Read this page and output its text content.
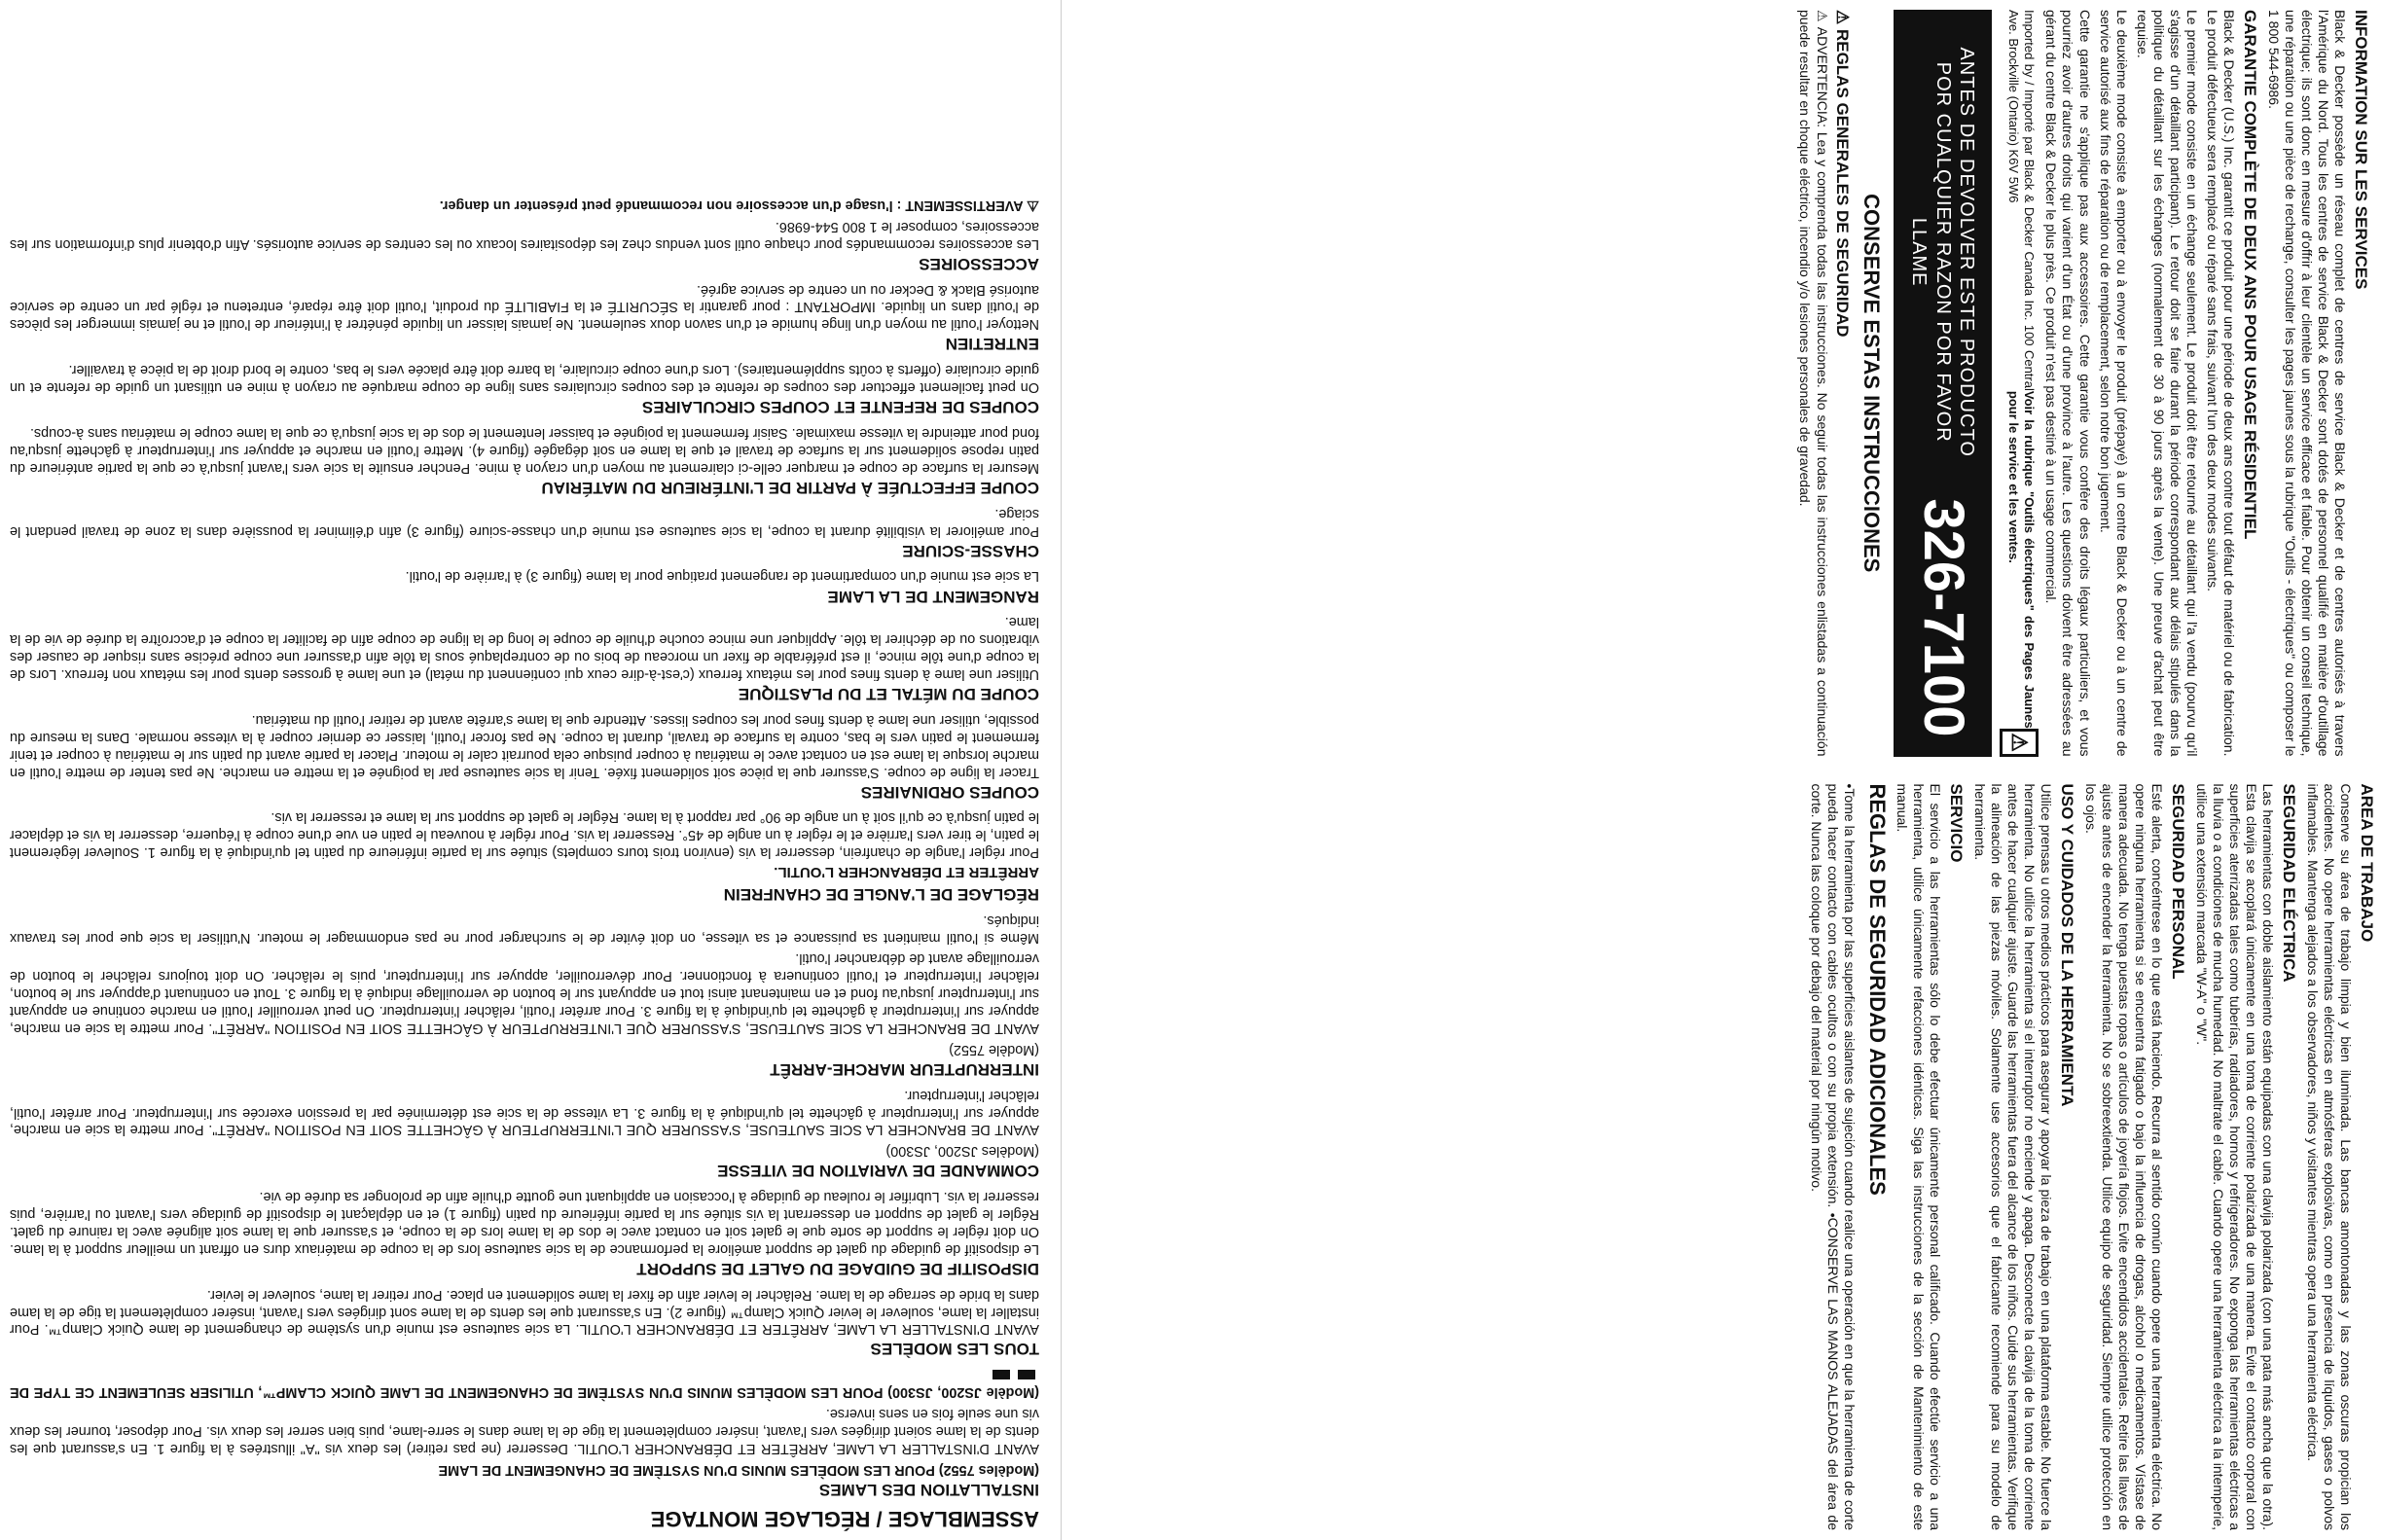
ASSEMBLAGE / RÉGLAGE MONTAGE
INSTALLATION DES LAMES

(Modèles 7552) POUR LES MODÈLES MUNIS D'UN SYSTÈME DE CHANGEMENT DE LAME

AVANT D'INSTALLER LA LAME, ARRÊTER ET DÉBRANCHER L'OUTIL. Desserrer (ne pas retirer) les deux vis "A" illustrées à la figure 1. En s'assurant que les dents de la lame soient dirigées vers l'avant, insérer complètement la tige de la lame dans le serre-lame, puis bien serrer les deux vis. Pour déposer, tourner les deux vis une seule fois en sens inverse.

(Modèle JS200, JS300) POUR LES MODÈLES MUNIS D'UN SYSTÈME DE CHANGEMENT DE LAME QUICK CLAMP™, UTILISER SEULEMENT CE TYPE DE

TOUS LES MODÈLES

AVANT D'INSTALLER LA LAME, ARRÊTER ET DÉBRANCHER L'OUTIL. La scie sauteuse est munie d'un système de changement de lame Quick Clamp™. Pour installer la lame, soulever le levier Quick Clamp™ (figure 2). En s'assurant que les dents de la lame sont dirigées vers l'avant, insérer complètement la tige de la lame dans la bride de serrage de la lame. Relâcher le levier afin de fixer la lame solidement en place. Pour retirer la lame, soulever le levier.

DISPOSITIF DE GUIDAGE DU GALET DE SUPPORT

Le dispositif de guidage du galet de support améliore la performance de la scie sauteuse lors de la coupe de matériaux durs en offrant un meilleur support à la lame. On doit régler le support de sorte que le galet soit en contact avec le dos de la lame lors de la coupe, et s'assurer que la lame soit alignée avec la rainure du galet. Régler le galet de support en desserrant la vis située sur la partie inférieure du patin (figure 1) et en déplaçant le dispositif de guidage vers l'avant ou l'arrière, puis resserrer la vis. Lubrifier le rouleau de guidage à l'occasion en appliquant une goutte d'huile afin de prolonger sa durée de vie.

COMMANDE DE VARIATION DE VITESSE

(Modèles JS200, JS300)

AVANT DE BRANCHER LA SCIE SAUTEUSE, S'ASSURER QUE L'INTERRUPTEUR À GÂCHETTE SOIT EN POSITION "ARRÊT". Pour mettre la scie en marche, appuyer sur l'interrupteur à gâchette tel qu'indiqué à la figure 3. La vitesse de la scie est déterminée par la pression exercée sur l'interrupteur. Pour arrêter l'outil, relâcher l'interrupteur.

INTERRUPTEUR MARCHE-ARRÊT

(Modèle 7552)

AVANT DE BRANCHER LA SCIE SAUTEUSE, S'ASSURER QUE L'INTERRUPTEUR À GÂCHETTE SOIT EN POSITION "ARRÊT". Pour mettre la scie en marche, appuyer sur l'interrupteur à gâchette tel qu'indiqué à la figure 3. Pour arrêter l'outil, relâcher l'interrupteur. On peut verrouiller l'outil en marche continue en appuyant sur l'interrupteur jusqu'au fond et en maintenant ainsi tout en appuyant sur le bouton de verrouillage indiqué à la figure 3. Tout en continuant d'appuyer sur le bouton, relâcher l'interrupteur et l'outil continuera à fonctionner. Pour déverrouiller, appuyer sur l'interrupteur, puis le relâcher. On doit toujours relâcher le bouton de verrouillage avant de débrancher l'outil.

Même si l'outil maintient sa puissance et sa vitesse, on doit éviter de le surcharger pour ne pas endommager le moteur. N'utiliser la scie que pour les travaux indiqués.

RÉGLAGE DE L'ANGLE DE CHANFREIN
ARRÊTER ET DÉBRANCHER L'OUTIL.

Pour régler l'angle de chanfrein, desserrer la vis (environ trois tours complets) située sur la partie inférieure du patin tel qu'indiqué à la figure 1. Soulever légèrement le patin, le tirer vers l'arrière et le régler à un angle de 45°. Resserrer la vis. Pour régler à nouveau le patin en vue d'une coupe à l'équerre, desserrer la vis et déplacer le patin jusqu'à ce qu'il soit à un angle de 90° par rapport à la lame. Régler le galet de support sur la lame et resserrer la vis.

COUPES ORDINAIRES

Tracer la ligne de coupe. S'assurer que la pièce soit solidement fixée. Tenir la scie sauteuse par la poignée et la mettre en marche. Ne pas tenter de mettre l'outil en marche lorsque la lame est en contact avec le matériau à couper puisque cela pourrait caler le moteur. Placer la partie avant du patin sur le matériau à couper et tenir fermement le patin vers le bas, contre la surface de travail, durant la coupe. Ne pas forcer l'outil, laisser ce dernier couper à la vitesse normale. Dans la mesure du possible, utiliser une lame à dents fines pour les coupes lisses. Attendre que la lame s'arrête avant de retirer l'outil du matériau.

COUPE DU MÉTAL ET DU PLASTIQUE

Utiliser une lame à dents fines pour les métaux ferreux (c'est-à-dire ceux qui contiennent du métal) et une lame à grosses dents pour les métaux non ferreux. Lors de la coupe d'une tôle mince, il est préférable de fixer un morceau de bois ou de contreplaqué sous la tôle afin d'assurer une coupe précise sans risquer de causer des vibrations ou de déchirer la tôle. Appliquer une mince couche d'huile de coupe le long de la ligne de coupe afin de faciliter la coupe et d'accroître la durée de vie de la lame.

RANGEMENT DE LA LAME

La scie est munie d'un compartiment de rangement pratique pour la lame (figure 3) à l'arrière de l'outil.

CHASSE-SCIURE

Pour améliorer la visibilité durant la coupe, la scie sauteuse est munie d'un chasse-sciure (figure 3) afin d'éliminer la poussière dans la zone de travail pendant le sciage.

COUPE EFFECTUÉE À PARTIR DE L'INTÉRIEUR DU MATÉRIAU

Mesurer la surface de coupe et marquer celle-ci clairement au moyen d'un crayon à mine. Pencher ensuite la scie vers l'avant jusqu'à ce que la partie antérieure du patin repose solidement sur la surface de travail et que la lame en soit dégagée (figure 4). Mettre l'outil en marche et appuyer sur l'interrupteur à gâchette jusqu'au fond pour atteindre la vitesse maximale. Saisir fermement la poignée et baisser lentement le dos de la scie jusqu'à ce que la lame coupe le matériau sans à-coups.

COUPES DE REFENTE ET COUPES CIRCULAIRES

On peut facilement effectuer des coupes de refente et des coupes circulaires sans ligne de coupe marquée au crayon à mine en utilisant un guide de refente et un guide circulaire (offerts à coûts supplémentaires). Lors d'une coupe circulaire, la barre doit être placée vers le bas, contre le bord droit de la pièce à travailler.

ENTRETIEN

Nettoyer l'outil au moyen d'un linge humide et d'un savon doux seulement. Ne jamais laisser un liquide pénétrer à l'intérieur de l'outil et ne jamais immerger les pièces de l'outil dans un liquide. IMPORTANT : pour garantir la SÉCURITÉ et la FIABILITÉ du produit, l'outil doit être réparé, entretenu et réglé par un centre de service autorisé Black & Decker ou un centre de service agréé.

ACCESSOIRES

Les accessoires recommandés pour chaque outil sont vendus chez les dépositaires locaux ou les centres de service autorisés. Afin d'obtenir plus d'information sur les accessoires, composer le 1 800 544-6986.

⚠ AVERTISSEMENT : l'usage d'un accessoire non recommandé peut présenter un danger.	INFORMATION SUR LES SERVICES

Black & Decker possède un réseau complet de centres de service Black & Decker et de centres autorisés à travers l'Amérique du Nord. Tous les centres de service Black & Decker sont dotés de personnel qualifié en matière d'outillage électrique; ils sont donc en mesure d'offrir à leur clientèle un service efficace et fiable. Pour obtenir un conseil technique, une réparation ou une pièce de rechange, consulter les pages jaunes sous la rubrique "Outils - électriques" ou composer le 1 800 544-6986.

GARANTIE COMPLÈTE DE DEUX ANS POUR USAGE RÉSIDENTIEL

Black & Decker (U.S.) Inc. garantit ce produit pour une période de deux ans contre tout défaut de matériel ou de fabrication. Le produit défectueux sera remplacé ou réparé sans frais, suivant l'un des deux modes suivants.

Le premier mode consiste en un échange seulement. Le produit doit être retourné au détaillant qui l'a vendu (pourvu qu'il s'agisse d'un détaillant participant). Le retour doit se faire durant la période correspondant aux délais stipulés dans la politique du détaillant sur les échanges (normalement de 30 à 90 jours après la vente). Une preuve d'achat peut être requise.

Le deuxième mode consiste à emporter ou à envoyer le produit (prépayé) à un centre Black & Decker ou à un centre de service autorisé aux fins de réparation ou de remplacement, selon notre bon jugement.

Cette garantie ne s'applique pas aux accessoires. Cette garantie vous confère des droits légaux particuliers, et vous pourriez avoir d'autres droits qui varient d'un État ou d'une province à l'autre. Les questions doivent être adressées au gérant du centre Black & Decker le plus près. Ce produit n'est pas destiné à un usage commercial.

Imported by / Importé par Black & Decker Canada Inc. 100 Central Ave. Brockville (Ontario) K6V 5W6

Voir la rubrique "Outils électriques" des Pages Jaunes pour le service et les ventes.

⚠
ANTES DE DEVOLVER ESTE PRODUCTO POR CUALQUIER RAZON POR FAVOR LLAME
326-7100
CONSERVE ESTAS INSTRUCCIONES
⚠ REGLAS GENERALES DE SEGURIDAD

⚠ ADVERTENCIA: Lea y comprenda todas las instrucciones. No seguir todas las instrucciones enlistadas a continuación puede resultar en choque eléctrico, incendio y/o lesiones personales de gravedad.

AREA DE TRABAJO

Conserve su área de trabajo limpia y bien iluminada. Las bancas amontonadas y las zonas oscuras propician los accidentes. No opere herramientas eléctricas en atmósferas explosivas, como en presencia de líquidos, gases o polvos inflamables. Mantenga alejados a los observadores, niños y visitantes mientras opera una herramienta eléctrica.

SEGURIDAD ELÉCTRICA

Las herramientas con doble aislamiento están equipadas con una clavija polarizada (con una pata más ancha que la otra). Esta clavija se acoplará únicamente en una toma de corriente polarizada de una manera. Evite el contacto corporal con superficies aterrizadas tales como tuberías, radiadores, hornos y refrigeradores. No exponga las herramientas eléctricas a la lluvia o a condiciones de mucha humedad. No maltrate el cable. Cuando opere una herramienta eléctrica a la intemperie, utilice una extensión marcada "W-A" o "W".

SEGURIDAD PERSONAL

Esté alerta, concéntrese en lo que está haciendo. Recurra al sentido común cuando opere una herramienta eléctrica. No opere ninguna herramienta si se encuentra fatigado o bajo la influencia de drogas, alcohol o medicamentos. Vístase de manera adecuada. No tenga puestas ropas o artículos de joyería flojos. Evite encendidos accidentales. Retire las llaves de ajuste antes de encender la herramienta. No se sobreextienda. Utilice equipo de seguridad. Siempre utilice protección en los ojos.

USO Y CUIDADOS DE LA HERRAMIENTA

Utilice prensas u otros medios prácticos para asegurar y apoyar la pieza de trabajo en una plataforma estable. No fuerce la herramienta. No utilice la herramienta si el interruptor no enciende y apaga. Desconecte la clavija de la toma de corriente antes de hacer cualquier ajuste. Guarde las herramientas fuera del alcance de los niños. Cuide sus herramientas. Verifique la alineación de las piezas móviles. Solamente use accesorios que el fabricante recomiende para su modelo de herramienta.

SERVICIO

El servicio a las herramientas sólo lo debe efectuar únicamente personal calificado. Cuando efectúe servicio a una herramienta, utilice únicamente refacciones idénticas. Siga las instrucciones de la sección de Mantenimiento de este manual.

REGLAS DE SEGURIDAD ADICIONALES

•Tome la herramienta por las superficies aislantes de sujeción cuando realice una operación en que la herramienta de corte pueda hacer contacto con cables ocultos o con su propia extensión. •CONSERVE LAS MANOS ALEJADAS del área de corte. Nunca las coloque por debajo del material por ningún motivo.
